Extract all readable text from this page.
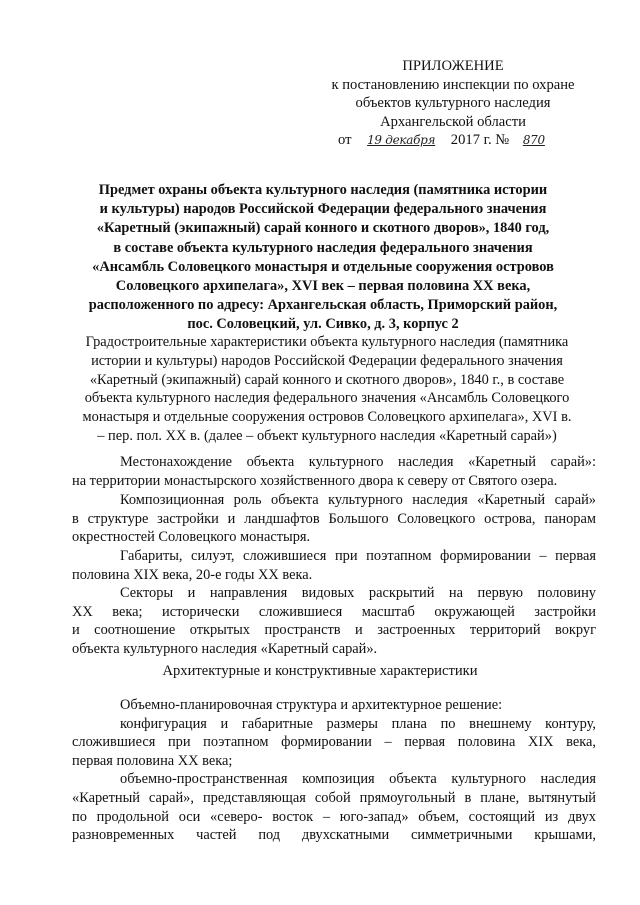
ПРИЛОЖЕНИЕ
к постановлению инспекции по охране
объектов культурного наследия
Архангельской области
от 19 декабря 2017 г. № 870
Предмет охраны объекта культурного наследия (памятника истории
и культуры) народов Российской Федерации федерального значения
«Каретный (экипажный) сарай конного и скотного дворов», 1840 год,
в составе объекта культурного наследия федерального значения
«Ансамбль Соловецкого монастыря и отдельные сооружения островов
Соловецкого архипелага», XVI век – первая половина XX века,
расположенного по адресу: Архангельская область, Приморский район,
пос. Соловецкий, ул. Сивко, д. 3, корпус 2
Градостроительные характеристики объекта культурного наследия (памятника
истории и культуры) народов Российской Федерации федерального значения
«Каретный (экипажный) сарай конного и скотного дворов», 1840 г., в составе
объекта культурного наследия федерального значения «Ансамбль Соловецкого
монастыря и отдельные сооружения островов Соловецкого архипелага», XVI в.
– пер. пол. XX в. (далее – объект культурного наследия «Каретный сарай»)
Местонахождение объекта культурного наследия «Каретный сарай»:
на территории монастырского хозяйственного двора к северу от Святого озера.
Композиционная роль объекта культурного наследия «Каретный сарай»
в структуре застройки и ландшафтов Большого Соловецкого острова, панорам
окрестностей Соловецкого монастыря.
Габариты, силуэт, сложившиеся при поэтапном формировании – первая
половина XIX века, 20-е годы XX века.
Секторы и направления видовых раскрытий на первую половину
XX века; исторически сложившиеся масштаб окружающей застройки
и соотношение открытых пространств и застроенных территорий вокруг
объекта культурного наследия «Каретный сарай».
Архитектурные и конструктивные характеристики
Объемно-планировочная структура и архитектурное решение:
конфигурация и габаритные размеры плана по внешнему контуру,
сложившиеся при поэтапном формировании – первая половина XIX века,
первая половина XX века;
объемно-пространственная композиция объекта культурного наследия
«Каретный сарай», представляющая собой прямоугольный в плане, вытянутый
по продольной оси «северо- восток – юго-запад» объем, состоящий из двух
разновременных частей под двухскатными симметричными крышами,
